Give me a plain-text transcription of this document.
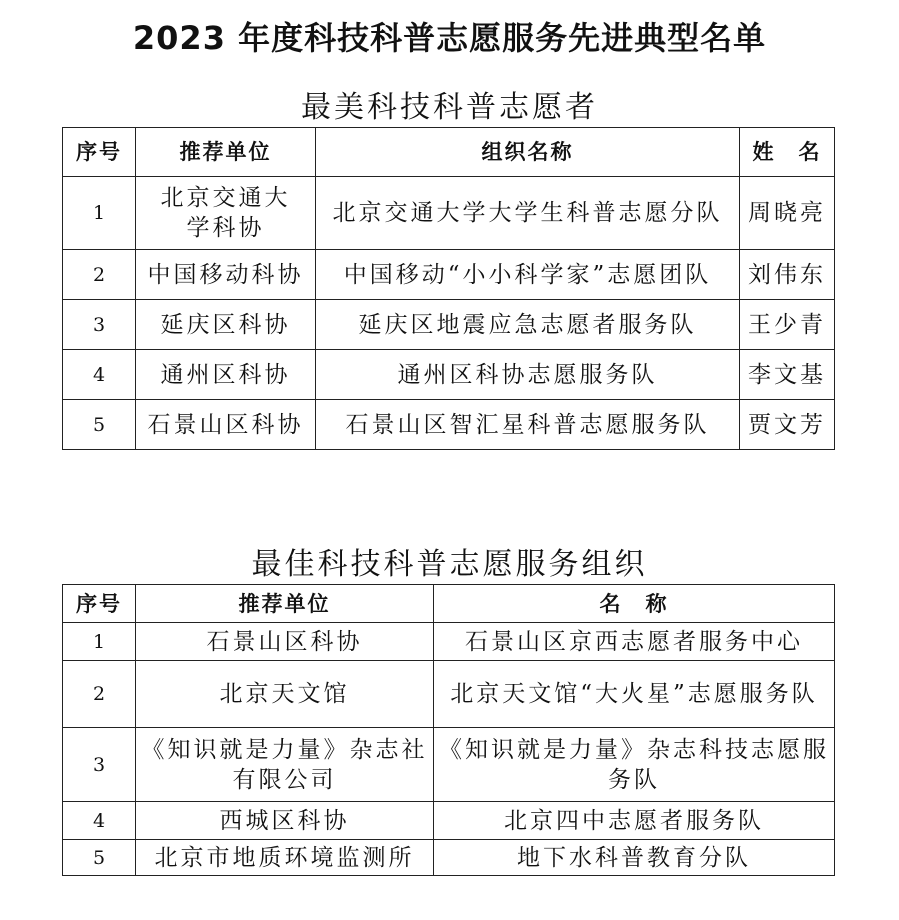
2023 年度科技科普志愿服务先进典型名单
最美科技科普志愿者
序号	推荐单位	组织名称	姓　名
1	北京交通大学科协	北京交通大学大学生科普志愿分队	周晓亮
2	中国移动科协	中国移动“小小科学家”志愿团队	刘伟东
3	延庆区科协	延庆区地震应急志愿者服务队	王少青
4	通州区科协	通州区科协志愿服务队	李文基
5	石景山区科协	石景山区智汇星科普志愿服务队	贾文芳
最佳科技科普志愿服务组织
序号	推荐单位	名　称
1	石景山区科协	石景山区京西志愿者服务中心
2	北京天文馆	北京天文馆“大火星”志愿服务队
3	《知识就是力量》杂志社有限公司	《知识就是力量》杂志科技志愿服务队
4	西城区科协	北京四中志愿者服务队
5	北京市地质环境监测所	地下水科普教育分队
